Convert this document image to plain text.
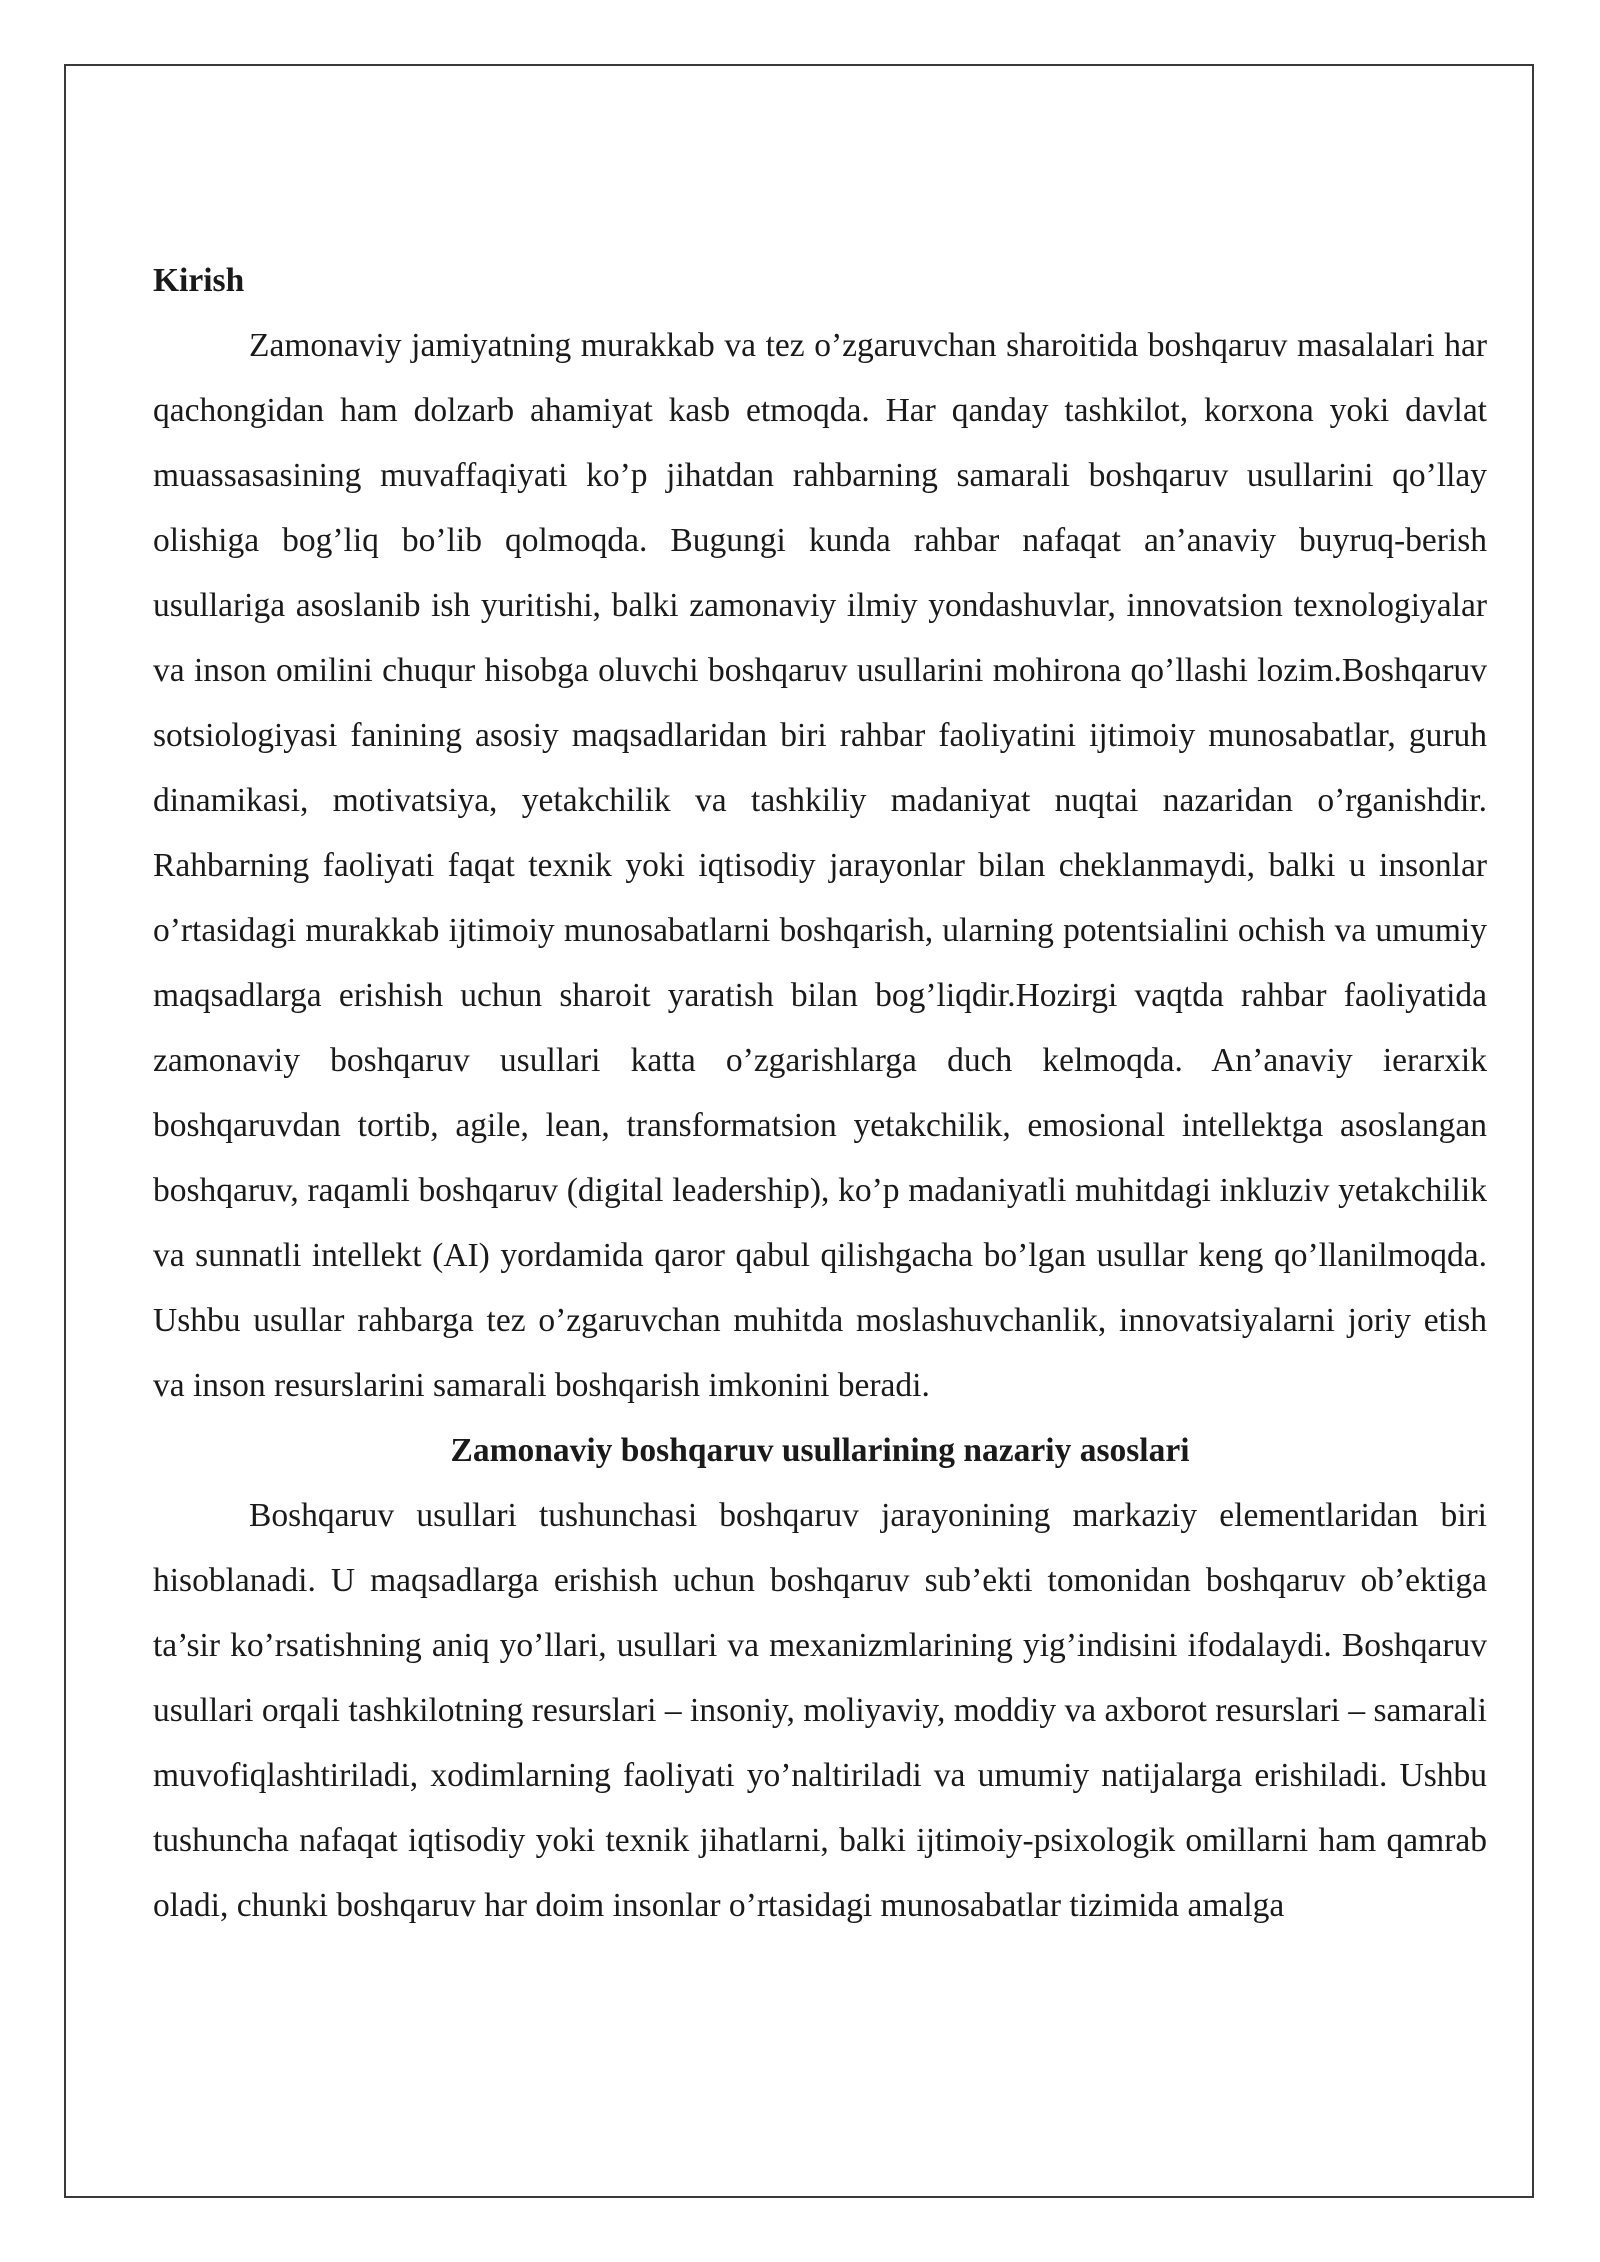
Kirish

Zamonaviy jamiyatning murakkab va tez o’zgaruvchan sharoitida boshqaruv masalalari har qachongidan ham dolzarb ahamiyat kasb etmoqda. Har qanday tashkilot, korxona yoki davlat muassasasining muvaffaqiyati ko’p jihatdan rahbarning samarali boshqaruv usullarini qo’llay olishiga bog’liq bo’lib qolmoqda. Bugungi kunda rahbar nafaqat an’anaviy buyruq-berish usullariga asoslanib ish yuritishi, balki zamonaviy ilmiy yondashuvlar, innovatsion texnologiyalar va inson omilini chuqur hisobga oluvchi boshqaruv usullarini mohirona qo’llashi lozim.Boshqaruv sotsiologiyasi fanining asosiy maqsadlaridan biri rahbar faoliyatini ijtimoiy munosabatlar, guruh dinamikasi, motivatsiya, yetakchilik va tashkiliy madaniyat nuqtai nazaridan o’rganishdir. Rahbarning faoliyati faqat texnik yoki iqtisodiy jarayonlar bilan cheklanmaydi, balki u insonlar o’rtasidagi murakkab ijtimoiy munosabatlarni boshqarish, ularning potentsialini ochish va umumiy maqsadlarga erishish uchun sharoit yaratish bilan bog’liqdir.Hozirgi vaqtda rahbar faoliyatida zamonaviy boshqaruv usullari katta o’zgarishlarga duch kelmoqda. An’anaviy ierarxik boshqaruvdan tortib, agile, lean, transformatsion yetakchilik, emosional intellektga asoslangan boshqaruv, raqamli boshqaruv (digital leadership), ko’p madaniyatli muhitdagi inkluziv yetakchilik va sunnatli intellekt (AI) yordamida qaror qabul qilishgacha bo’lgan usullar keng qo’llanilmoqda. Ushbu usullar rahbarga tez o’zgaruvchan muhitda moslashuvchanlik, innovatsiyalarni joriy etish va inson resurslarini samarali boshqarish imkonini beradi.

Zamonaviy boshqaruv usullarining nazariy asoslari

Boshqaruv usullari tushunchasi boshqaruv jarayonining markaziy elementlaridan biri hisoblanadi. U maqsadlarga erishish uchun boshqaruv sub’ekti tomonidan boshqaruv ob’ektiga ta’sir ko’rsatishning aniq yo’llari, usullari va mexanizmlarining yig’indisini ifodalaydi. Boshqaruv usullari orqali tashkilotning resurslari – insoniy, moliyaviy, moddiy va axborot resurslari – samarali muvofiqlashtiriladi, xodimlarning faoliyati yo’naltiriladi va umumiy natijalarga erishiladi. Ushbu tushuncha nafaqat iqtisodiy yoki texnik jihatlarni, balki ijtimoiy-psixologik omillarni ham qamrab oladi, chunki boshqaruv har doim insonlar o’rtasidagi munosabatlar tizimida amalga
